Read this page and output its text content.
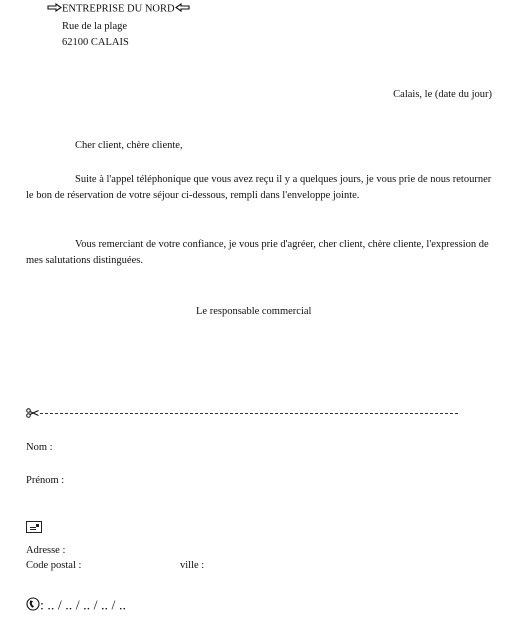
ENTREPRISE DU NORD
Rue de la plage
62100 CALAIS
Calais, le (date du jour)
Cher client, chère cliente,
Suite à l'appel téléphonique que vous avez reçu il y a quelques jours, je vous prie de nous retourner le bon de réservation de votre séjour ci-dessous, rempli dans l'enveloppe jointe.
Vous remerciant de votre confiance, je vous prie d'agréer, cher client, chère cliente, l'expression de mes salutations distinguées.
Le responsable commercial
Nom :
Prénom :
Adresse :
Code postal :	ville :
: .. / .. / .. / .. / ..
